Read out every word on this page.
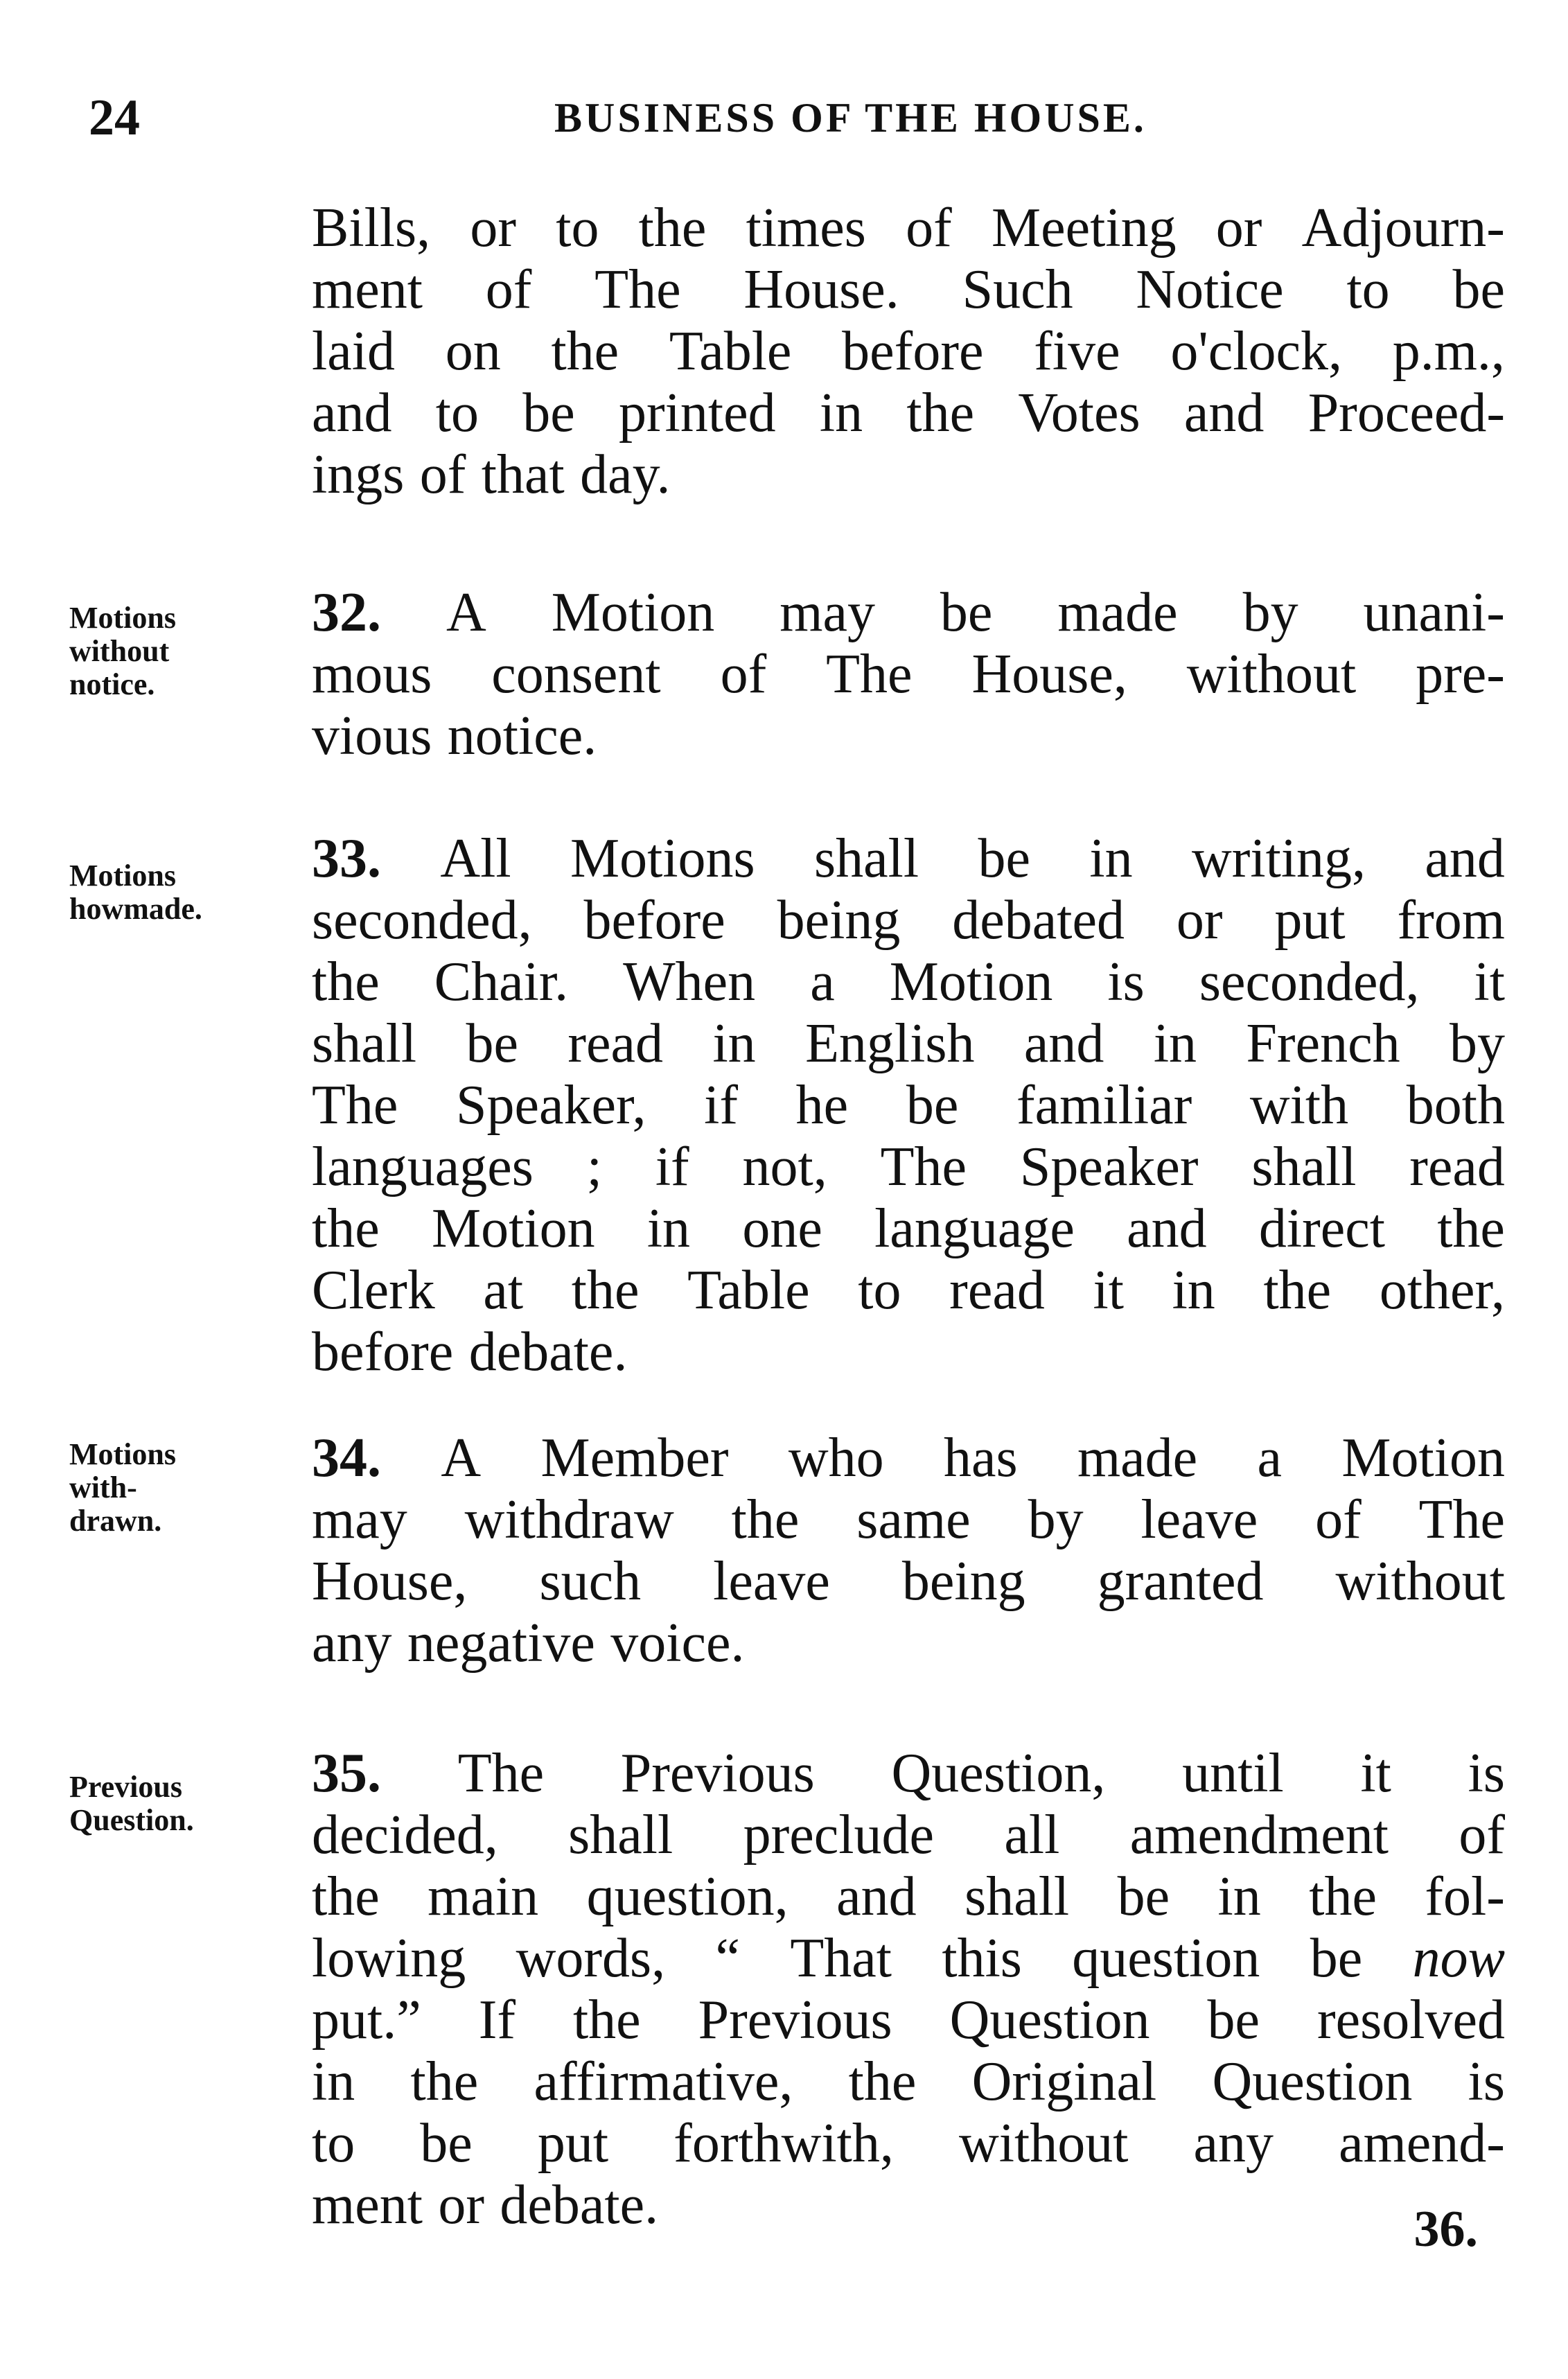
24	BUSINESS OF THE HOUSE.
Bills, or to the times of Meeting or Adjourn-
ment of The House. Such Notice to be
laid on the Table before five o'clock, p.m.,
and to be printed in the Votes and Proceed-
ings of that day.
Motions
without
notice.
32. A Motion may be made by unani-
mous consent of The House, without pre-
vious notice.
Motions
howmade.
33. All Motions shall be in writing, and
seconded, before being debated or put from
the Chair. When a Motion is seconded, it
shall be read in English and in French by
The Speaker, if he be familiar with both
languages ; if not, The Speaker shall read
the Motion in one language and direct the
Clerk at the Table to read it in the other,
before debate.
Motions
with-
drawn.
34. A Member who has made a Motion
may withdraw the same by leave of The
House, such leave being granted without
any negative voice.
Previous
Question.
35. The Previous Question, until it is
decided, shall preclude all amendment of
the main question, and shall be in the fol-
lowing words, “ That this question be now
put.” If the Previous Question be resolved
in the affirmative, the Original Question is
to be put forthwith, without any amend-
ment or debate.	36.
